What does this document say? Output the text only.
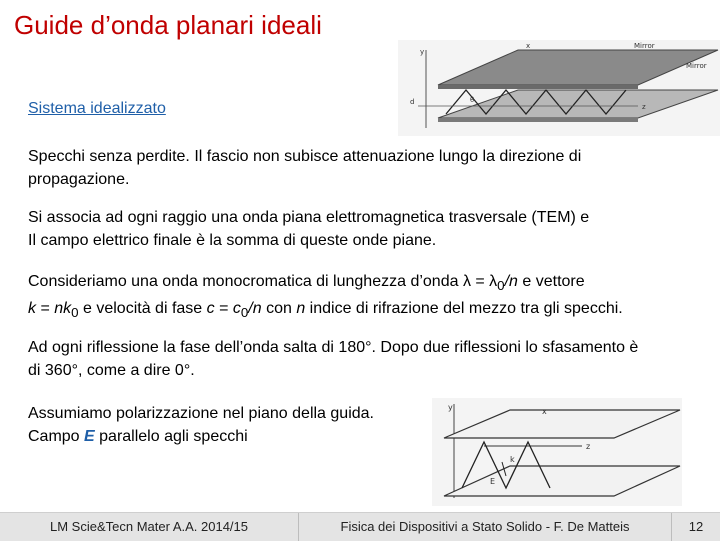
Guide d’onda planari ideali
y
z
x
d	θ
Mirror
Mirror
Sistema idealizzato
Specchi senza perdite. Il fascio non subisce attenuazione lungo la direzione di
propagazione.
Si associa ad ogni raggio una onda piana elettromagnetica trasversale (TEM) e
Il campo elettrico finale è la somma di queste onde piane.
Consideriamo una onda monocromatica di lunghezza d’onda $\lambda = \lambda_0/n$ e vettore
$k = nk_0$ e velocità di fase $c = c_0/n$ con n indice di rifrazione del mezzo tra gli specchi.
Ad ogni riflessione la fase dell’onda salta di 180°. Dopo due riflessioni lo sfasamento è
di 360°, come a dire 0°.
Assumiamo polarizzazione nel piano della guida.
Campo E parallelo agli specchi
y	x
z
k
E
LM Scie&Tecn Mater A.A. 2014/15	Fisica dei Dispositivi a Stato Solido - F. De Matteis	12
